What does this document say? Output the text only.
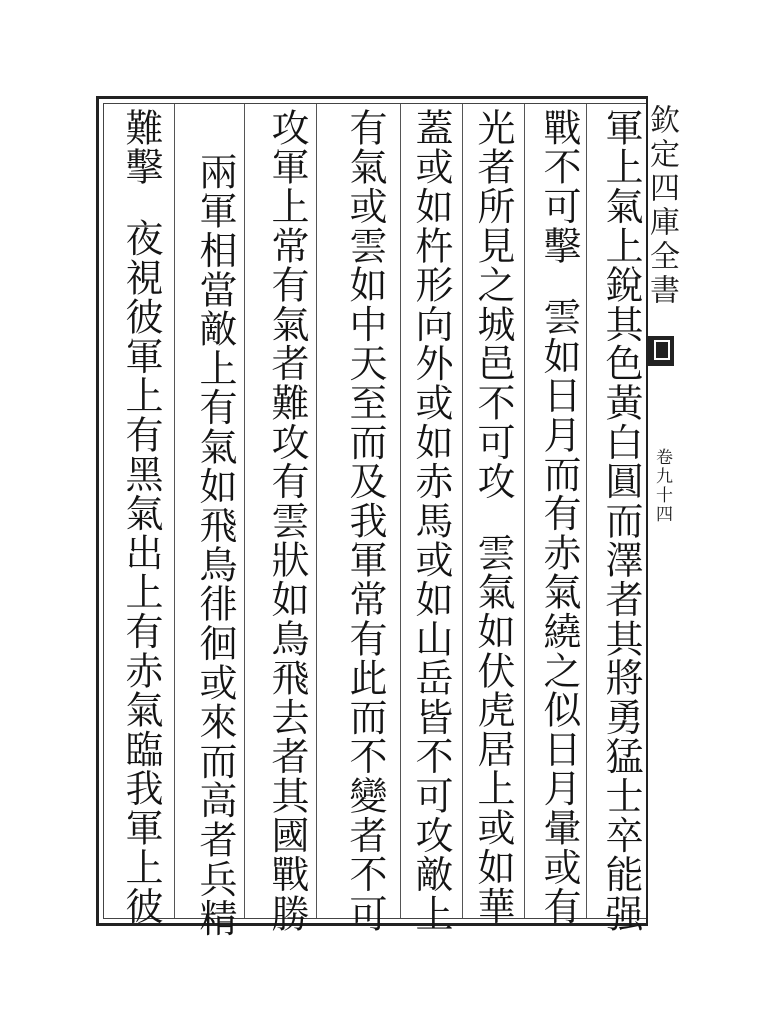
軍上氣上銳其色黃白圓而澤者其將勇猛士卒能强
戰不可擊雲如日月而有赤氣繞之似日月暈或有
光者所見之城邑不可攻雲氣如伏虎居上或如華
蓋或如杵形向外或如赤馬或如山岳皆不可攻敵上
有氣或雲如中天至而及我軍常有此而不變者不可
攻軍上常有氣者難攻有雲狀如鳥飛去者其國戰勝
兩軍相當敵上有氣如飛鳥徘徊或來而高者兵精
難擊夜視彼軍上有黑氣出上有赤氣臨我軍上彼
欽定四庫全書
卷九十四
